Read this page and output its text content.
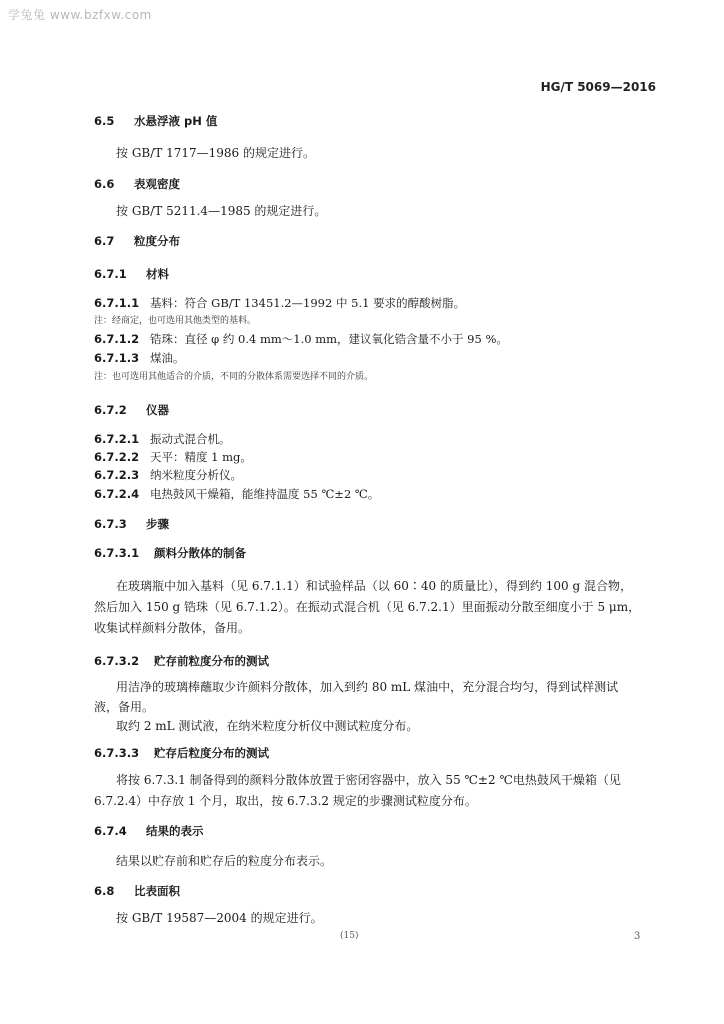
学兔兔 www.bzfxw.com
HG/T 5069—2016
6.5 水悬浮液 pH 值
按 GB/T 1717—1986 的规定进行。
6.6 表观密度
按 GB/T 5211.4—1985 的规定进行。
6.7 粒度分布
6.7.1 材料
6.7.1.1 基料：符合 GB/T 13451.2—1992 中 5.1 要求的醇酸树脂。
注：经商定，也可选用其他类型的基料。
6.7.1.2 锆珠：直径 φ 约 0.4 mm～1.0 mm，建议氧化锆含量不小于 95 %。
6.7.1.3 煤油。
注：也可选用其他适合的介质，不同的分散体系需要选择不同的介质。
6.7.2 仪器
6.7.2.1 振动式混合机。
6.7.2.2 天平：精度 1 mg。
6.7.2.3 纳米粒度分析仪。
6.7.2.4 电热鼓风干燥箱，能维持温度 55 ℃±2 ℃。
6.7.3 步骤
6.7.3.1 颜料分散体的制备
在玻璃瓶中加入基料（见 6.7.1.1）和试验样品（以 60∶40 的质量比），得到约 100 g 混合物，
然后加入 150 g 锆珠（见 6.7.1.2）。在振动式混合机（见 6.7.2.1）里面振动分散至细度小于 5 μm，
收集试样颜料分散体，备用。
6.7.3.2 贮存前粒度分布的测试
用洁净的玻璃棒蘸取少许颜料分散体，加入到约 80 mL 煤油中，充分混合均匀，得到试样测试
液，备用。
取约 2 mL 测试液，在纳米粒度分析仪中测试粒度分布。
6.7.3.3 贮存后粒度分布的测试
将按 6.7.3.1 制备得到的颜料分散体放置于密闭容器中，放入 55 ℃±2 ℃电热鼓风干燥箱（见
6.7.2.4）中存放 1 个月，取出，按 6.7.3.2 规定的步骤测试粒度分布。
6.7.4 结果的表示
结果以贮存前和贮存后的粒度分布表示。
6.8 比表面积
按 GB/T 19587—2004 的规定进行。
(15)	3
